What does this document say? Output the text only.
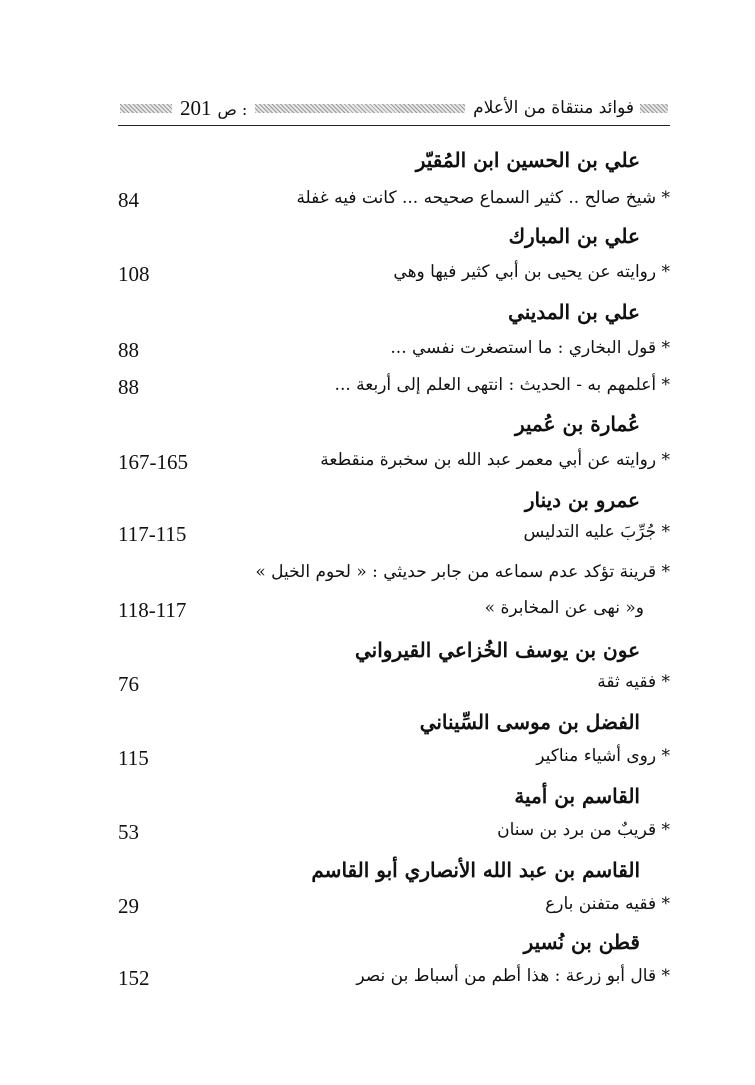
201 ص :	فوائد منتقاة من الأعلام
علي بن الحسين ابن المُقيّر
* شيخ صالح .. كثير السماع صحيحه ... كانت فيه غفلة
84
علي بن المبارك
* روايته عن يحيى بن أبي كثير فيها وهي
108
علي بن المديني
* قول البخاري : ما استصغرت نفسي ...
88
* أعلمهم به - الحديث : انتهى العلم إلى أربعة ...
88
عُمارة بن عُمير
* روايته عن أبي معمر عبد الله بن سخبرة منقطعة
167-165
عمرو بن دينار
* جُرِّبَ عليه التدليس
117-115
* قرينة تؤكد عدم سماعه من جابر حديثي : « لحوم الخيل »
و« نهى عن المخابرة »
118-117
عون بن يوسف الخُزاعي القيرواني
* فقيه ثقة
76
الفضل بن موسى السِّيناني
* روى أشياء مناكير
115
القاسم بن أمية
* قريبٌ من برد بن سنان
53
القاسم بن عبد الله الأنصاري أبو القاسم
* فقيه متفنن بارع
29
قطن بن نُسير
* قال أبو زرعة : هذا أطم من أسباط بن نصر
152
